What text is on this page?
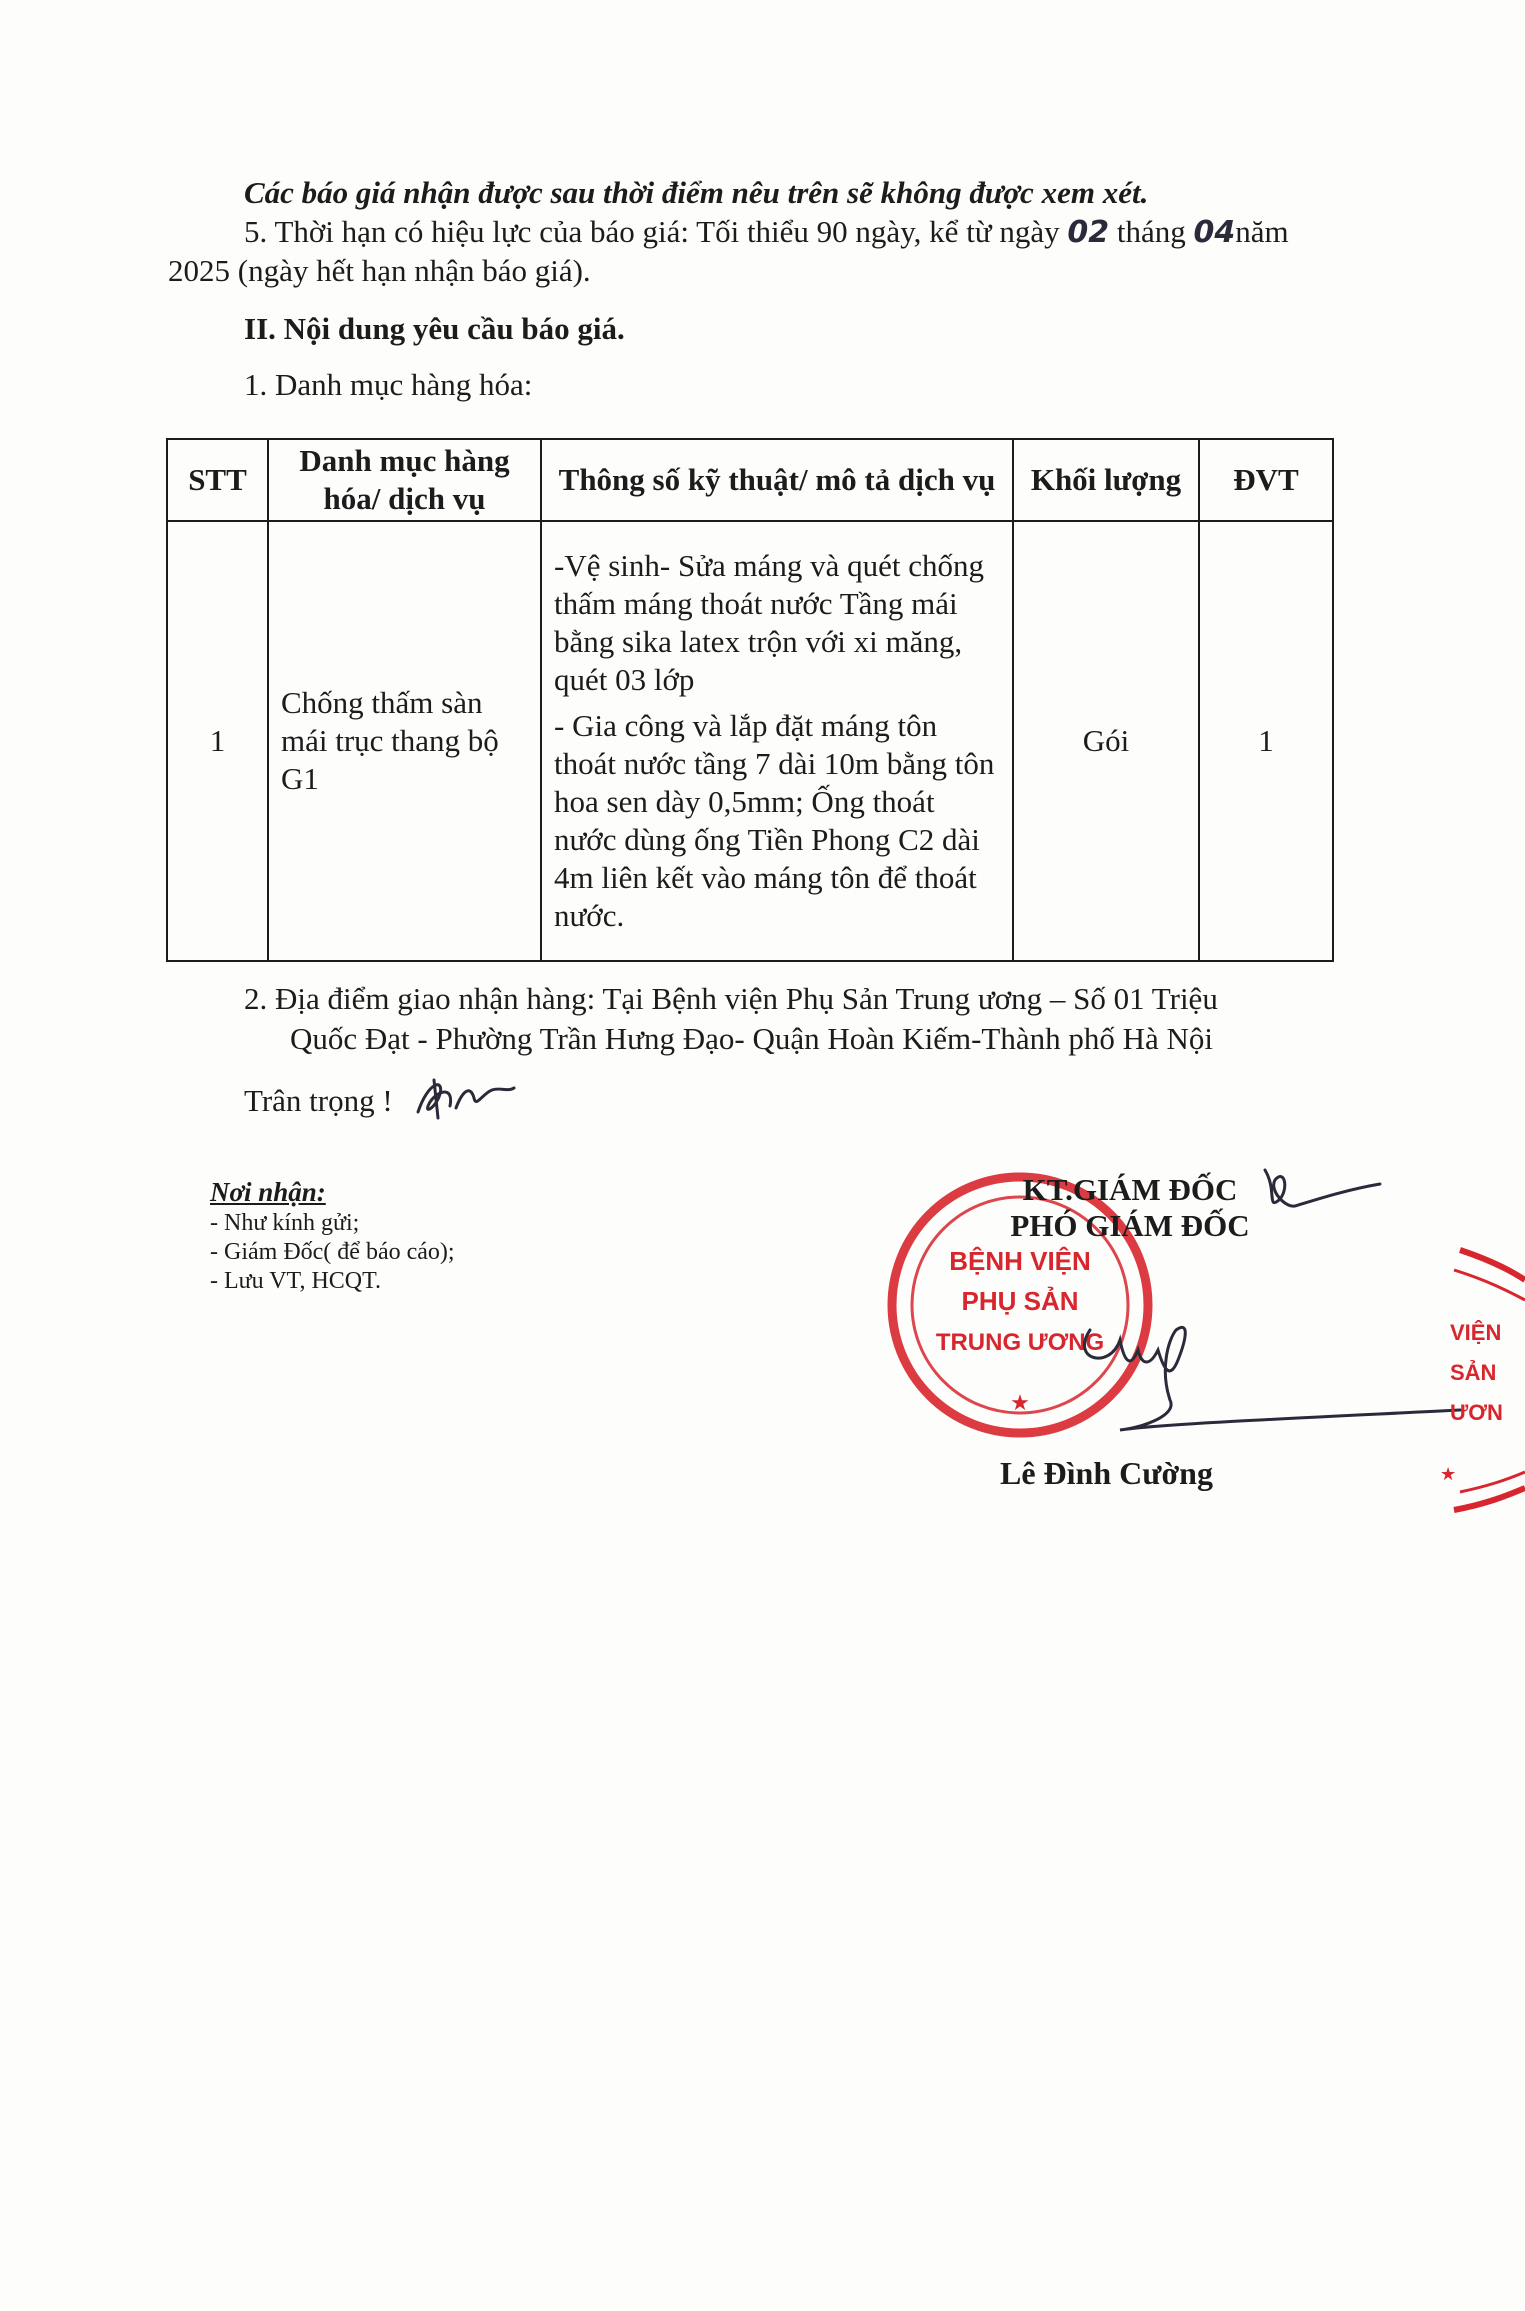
Các báo giá nhận được sau thời điểm nêu trên sẽ không được xem xét.
5. Thời hạn có hiệu lực của báo giá: Tối thiểu 90 ngày, kể từ ngày 02 tháng 04năm
2025 (ngày hết hạn nhận báo giá).
II. Nội dung yêu cầu báo giá.
1. Danh mục hàng hóa:
STT	Danh mục hàng hóa/ dịch vụ	Thông số kỹ thuật/ mô tả dịch vụ	Khối lượng	ĐVT
1	Chống thấm sàn mái trục thang bộ G1	-Vệ sinh- Sửa máng và quét chống thấm máng thoát nước Tầng mái bằng sika latex trộn với xi măng, quét 03 lớp

- Gia công và lắp đặt máng tôn thoát nước tầng 7 dài 10m bằng tôn hoa sen dày 0,5mm; Ống thoát nước dùng ống Tiền Phong C2 dài 4m liên kết vào máng tôn để thoát nước.	Gói	1
2. Địa điểm giao nhận hàng: Tại Bệnh viện Phụ Sản Trung ương – Số 01 Triệu
Quốc Đạt - Phường Trần Hưng Đạo- Quận Hoàn Kiếm-Thành phố Hà Nội
Trân trọng !
Nơi nhận:
- Như kính gửi;
- Giám Đốc( để báo cáo);
- Lưu VT, HCQT.
BỆNH VIỆN
PHỤ SẢN
TRUNG ƯƠNG
★
KT.GIÁM ĐỐC
PHÓ GIÁM ĐỐC
Lê Đình Cường
VIỆN
SẢN
ƯƠN
★
